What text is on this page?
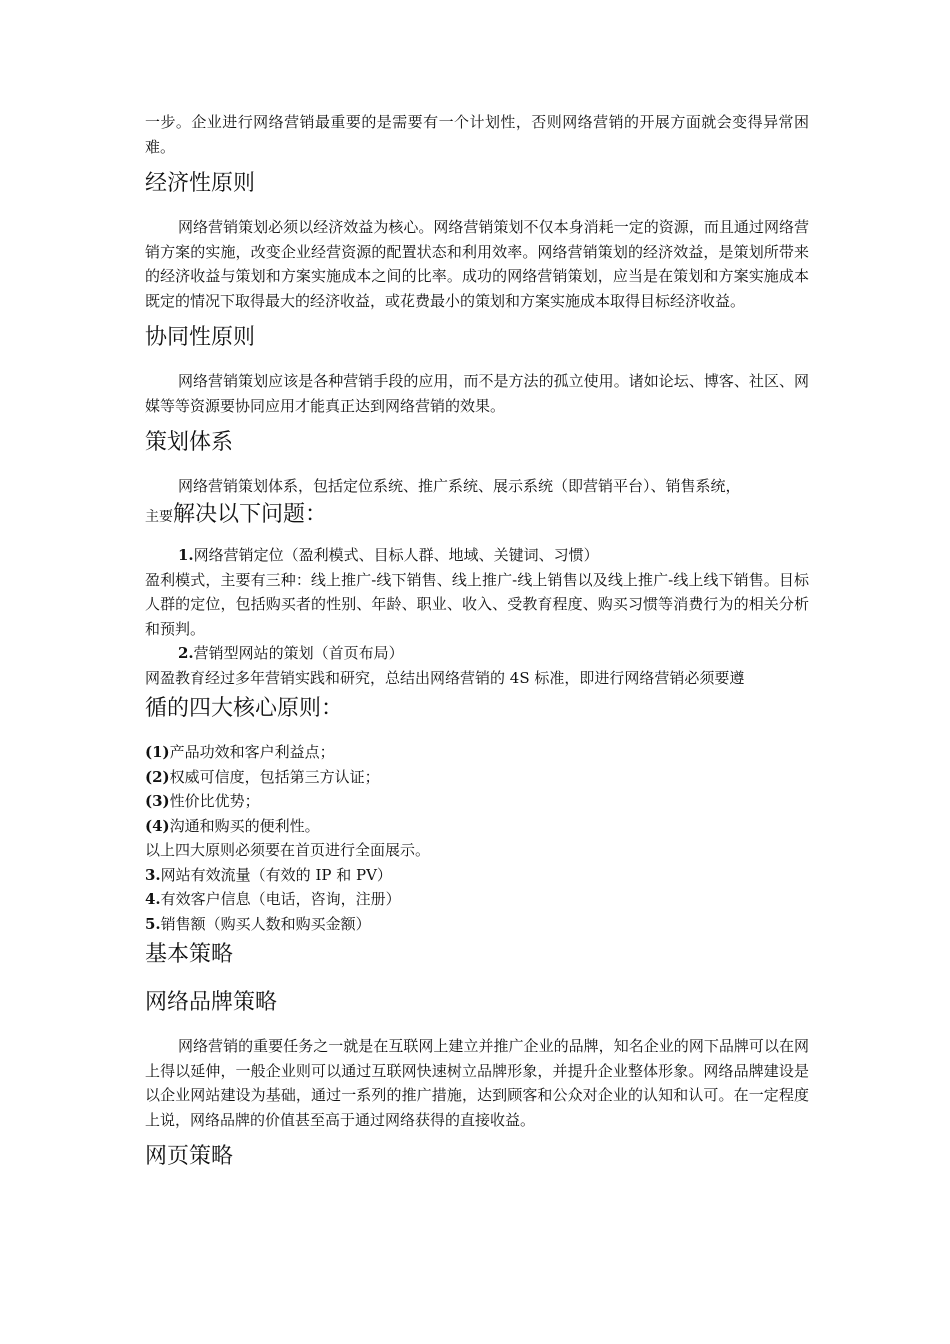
一步。企业进行网络营销最重要的是需要有一个计划性，否则网络营销的开展方面就会变得异常困难。

经济性原则

网络营销策划必须以经济效益为核心。网络营销策划不仅本身消耗一定的资源，而且通过网络营销方案的实施，改变企业经营资源的配置状态和利用效率。网络营销策划的经济效益，是策划所带来的经济收益与策划和方案实施成本之间的比率。成功的网络营销策划，应当是在策划和方案实施成本既定的情况下取得最大的经济收益，或花费最小的策划和方案实施成本取得目标经济收益。

协同性原则

网络营销策划应该是各种营销手段的应用，而不是方法的孤立使用。诸如论坛、博客、社区、网媒等等资源要协同应用才能真正达到网络营销的效果。

策划体系

网络营销策划体系，包括定位系统、推广系统、展示系统（即营销平台）、销售系统，

主要解决以下问题：

1.网络营销定位（盈利模式、目标人群、地域、关键词、习惯）

盈利模式，主要有三种：线上推广-线下销售、线上推广-线上销售以及线上推广-线上线下销售。目标人群的定位，包括购买者的性别、年龄、职业、收入、受教育程度、购买习惯等消费行为的相关分析和预判。

2.营销型网站的策划（首页布局）

网盈教育经过多年营销实践和研究，总结出网络营销的 4S 标准，即进行网络营销必须要遵

循的四大核心原则：

(1)产品功效和客户利益点；

(2)权威可信度，包括第三方认证；

(3)性价比优势；

(4)沟通和购买的便利性。

以上四大原则必须要在首页进行全面展示。

3.网站有效流量（有效的 IP 和 PV）

4.有效客户信息（电话，咨询，注册）

5.销售额（购买人数和购买金额）

基本策略
网络品牌策略

网络营销的重要任务之一就是在互联网上建立并推广企业的品牌，知名企业的网下品牌可以在网上得以延伸，一般企业则可以通过互联网快速树立品牌形象，并提升企业整体形象。网络品牌建设是以企业网站建设为基础，通过一系列的推广措施，达到顾客和公众对企业的认知和认可。在一定程度上说，网络品牌的价值甚至高于通过网络获得的直接收益。

网页策略
